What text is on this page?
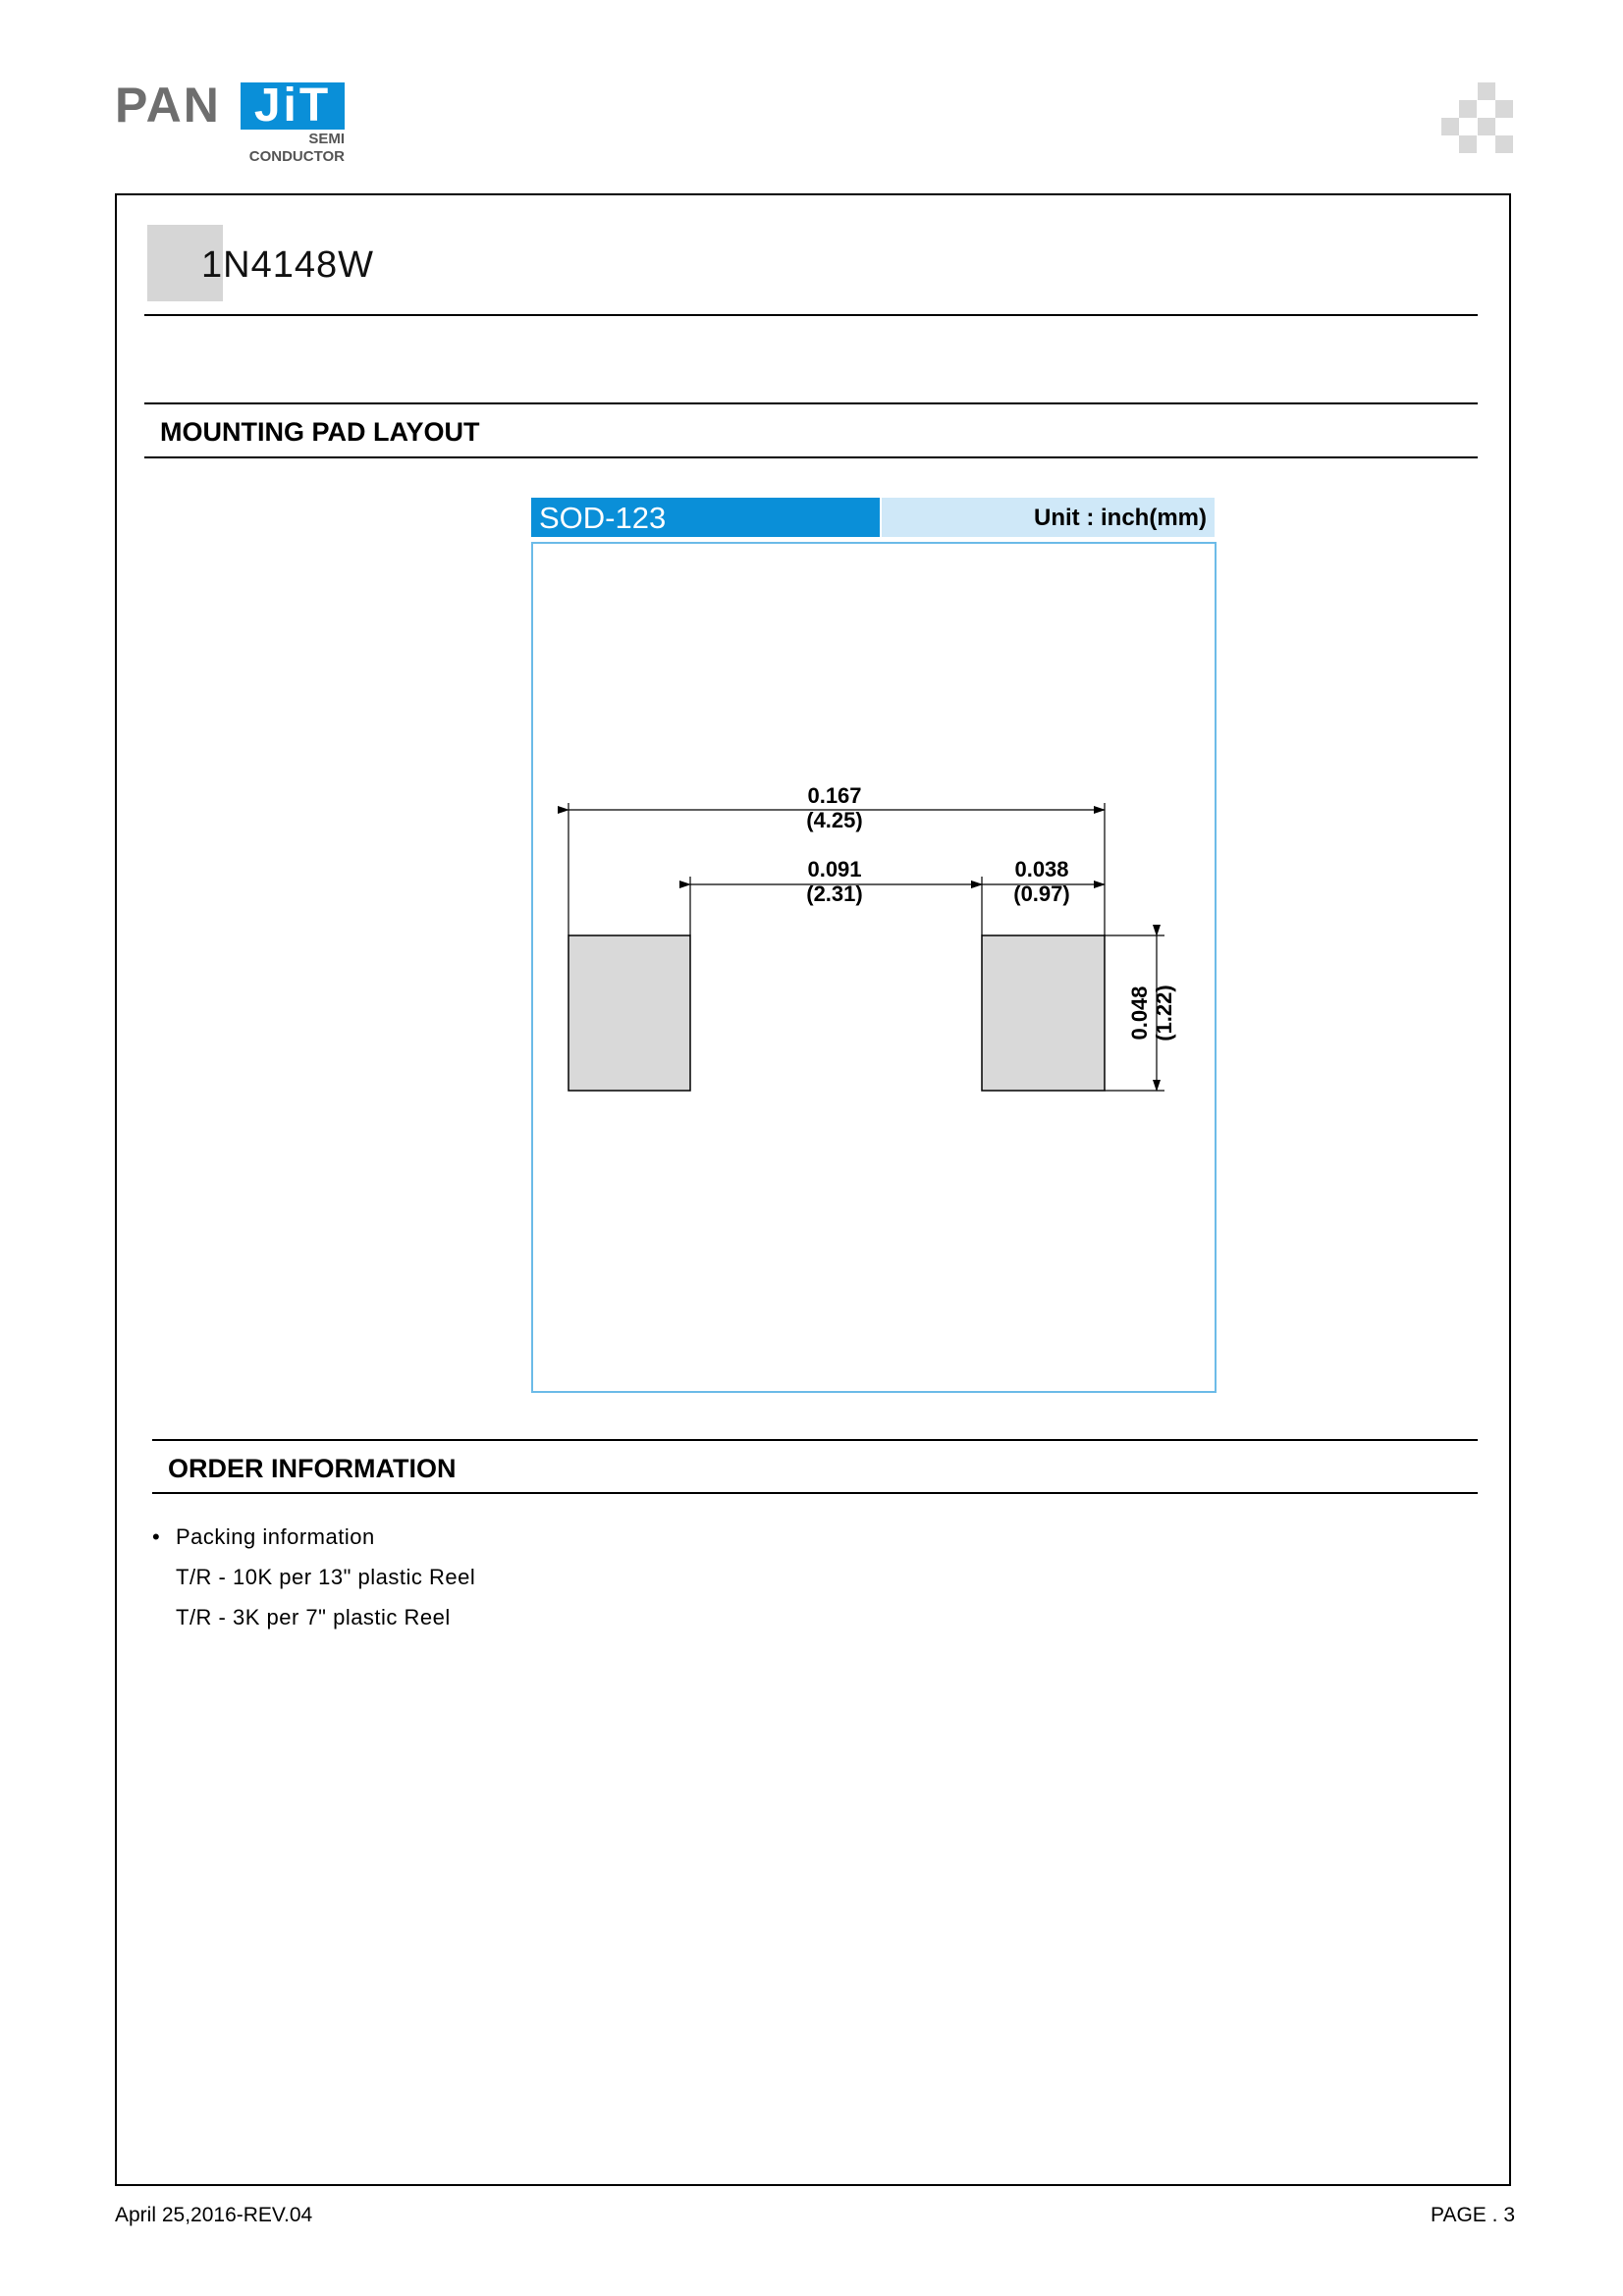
PAN JiT
SEMI
CONDUCTOR
1N4148W
MOUNTING PAD LAYOUT
SOD-123	Unit : inch(mm)
0.167
(4.25)
0.091
(2.31)
0.038
(0.97)
0.048 (1.22)
ORDER INFORMATION
• Packing information
T/R - 10K per 13" plastic Reel
T/R - 3K per 7" plastic Reel
April 25,2016-REV.04	PAGE . 3
